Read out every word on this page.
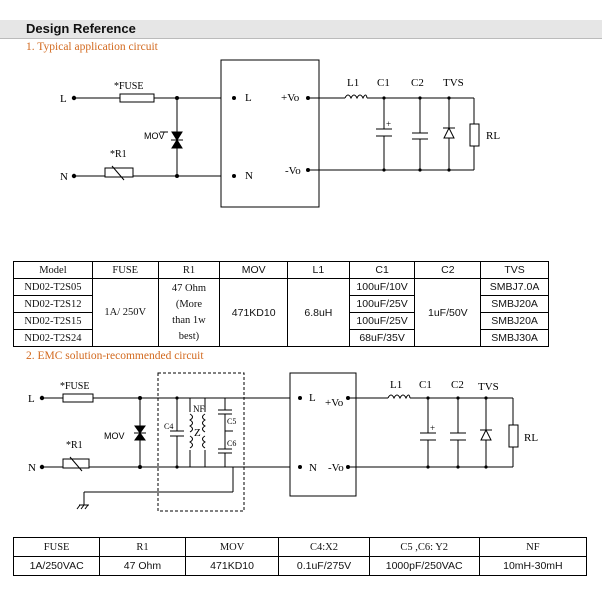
Design Reference
1. Typical application circuit
L
N
*FUSE
*R1
MOV
L
N
+Vo
-Vo
L1 C1 C2 TVS
RL
+
Model	FUSE	R1	MOV	L1	C1	C2	TVS
ND02-T2S05	1A/ 250V	47 Ohm
(More
than 1w
best)	471KD10	6.8uH	100uF/10V	1uF/50V	SMBJ7.0A
ND02-T2S12					100uF/25V		SMBJ20A
ND02-T2S15					100uF/25V		SMBJ20A
ND02-T2S24					68uF/35V		SMBJ30A
2. EMC solution-recommended circuit
L
N
*FUSE
*R1
MOV
NF
C4
C5
C6
Z
L
N
+Vo
-Vo
L1 C1 C2 TVS
RL
+
FUSE	R1	MOV	C4:X2	C5 ,C6: Y2	NF
1A/250VAC	47 Ohm	471KD10	0.1uF/275V	1000pF/250VAC	10mH-30mH
